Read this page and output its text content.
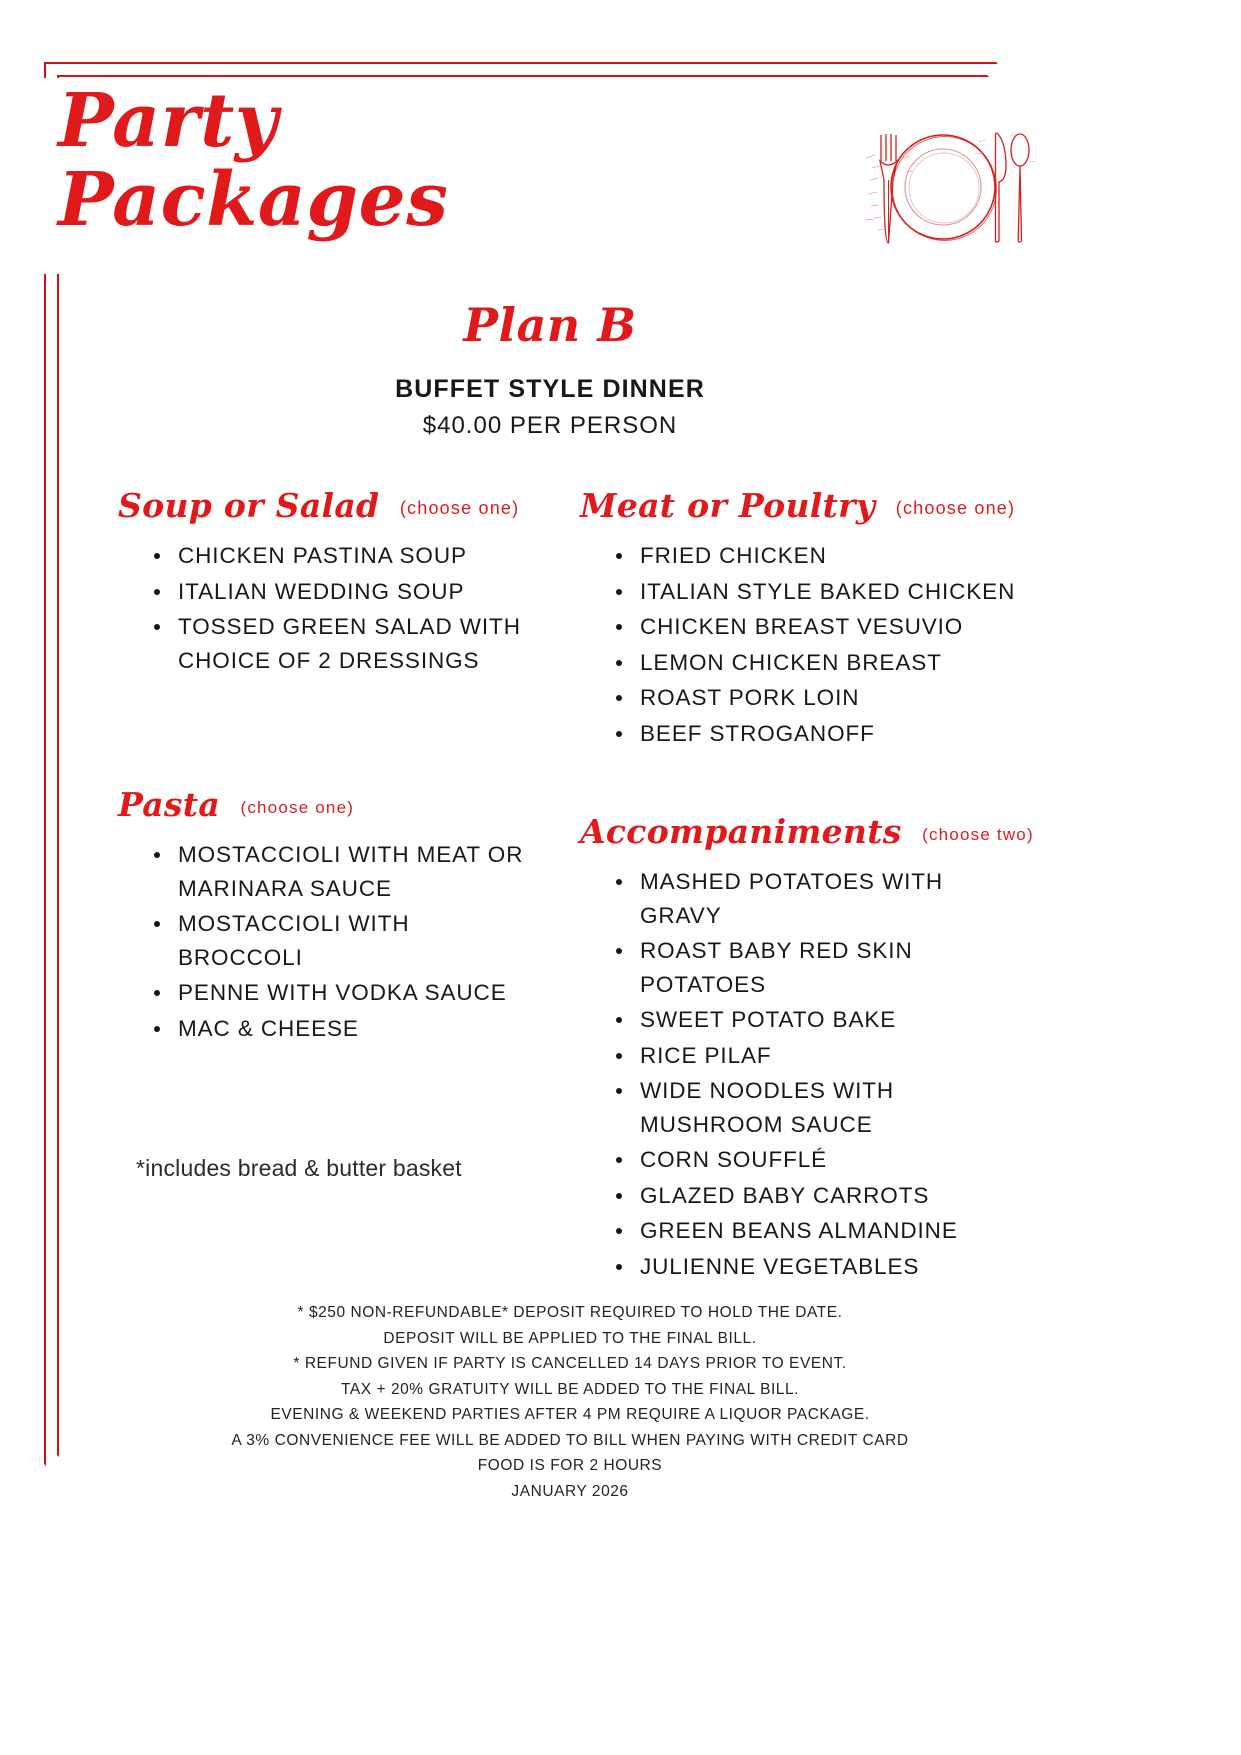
Party
Packages
Plan B
BUFFET STYLE DINNER
$40.00 PER PERSON
Soup or Salad (choose one)
CHICKEN PASTINA SOUP
ITALIAN WEDDING SOUP
TOSSED GREEN SALAD WITH CHOICE OF 2 DRESSINGS
Pasta (choose one)
MOSTACCIOLI WITH MEAT OR MARINARA SAUCE
MOSTACCIOLI WITH BROCCOLI
PENNE WITH VODKA SAUCE
MAC & CHEESE
*includes bread & butter basket
Meat or Poultry (choose one)
FRIED CHICKEN
ITALIAN STYLE BAKED CHICKEN
CHICKEN BREAST VESUVIO
LEMON CHICKEN BREAST
ROAST PORK LOIN
BEEF STROGANOFF
Accompaniments (choose two)
MASHED POTATOES WITH GRAVY
ROAST BABY RED SKIN POTATOES
SWEET POTATO BAKE
RICE PILAF
WIDE NOODLES WITH MUSHROOM SAUCE
CORN SOUFFLÉ
GLAZED BABY CARROTS
GREEN BEANS ALMANDINE
JULIENNE VEGETABLES
* $250 NON-REFUNDABLE* DEPOSIT REQUIRED TO HOLD THE DATE.
DEPOSIT WILL BE APPLIED TO THE FINAL BILL.
* REFUND GIVEN IF PARTY IS CANCELLED 14 DAYS PRIOR TO EVENT.
TAX + 20% GRATUITY WILL BE ADDED TO THE FINAL BILL.
EVENING & WEEKEND PARTIES AFTER 4 PM REQUIRE A LIQUOR PACKAGE.
A 3% CONVENIENCE FEE WILL BE ADDED TO BILL WHEN PAYING WITH CREDIT CARD
FOOD IS FOR 2 HOURS
JANUARY 2026
